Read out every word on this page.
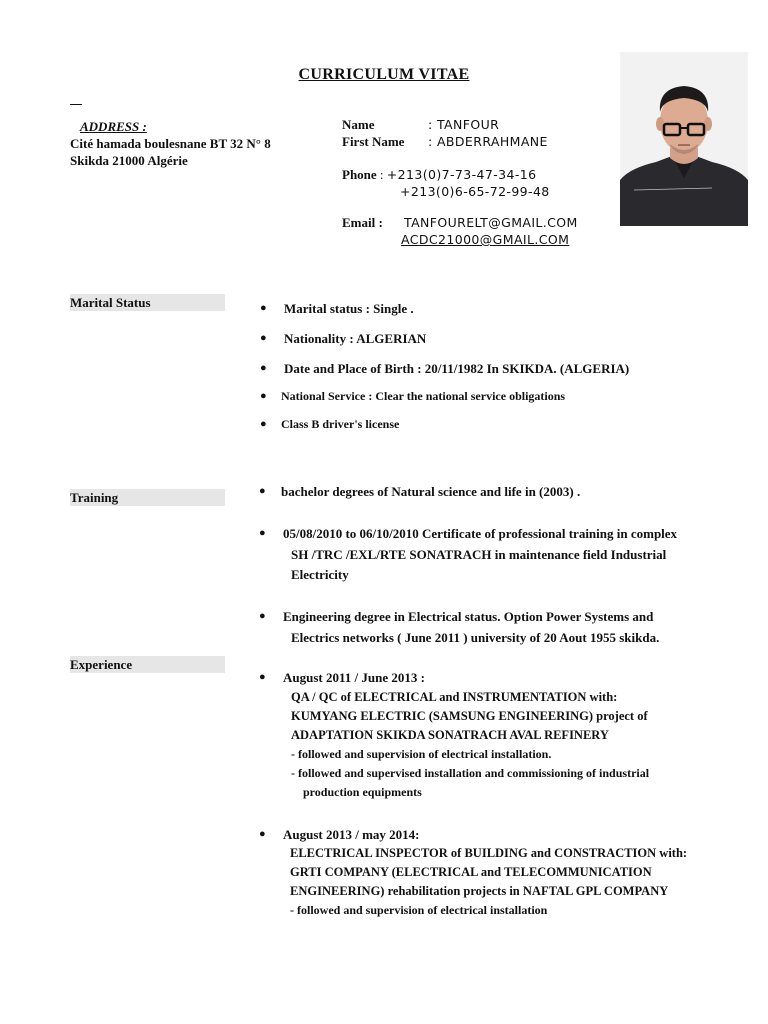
CURRICULUM VITAE
ADDRESS :
Cité hamada boulesnane BT 32 N° 8
Skikda 21000 Algérie
Name	: TANFOUR
First Name : ABDERRAHMANE
Phone : +213(0)7-73-47-34-16
+213(0)6-65-72-99-48
Email : TANFOURELT@GMAIL.COM
ACDC21000@GMAIL.COM
Marital Status	● Marital status : Single .
● Nationality : ALGERIAN
● Date and Place of Birth : 20/11/1982 In SKIKDA. (ALGERIA)
● National Service : Clear the national service obligations
● Class B driver's license
Training	● bachelor degrees of Natural science and life in (2003) .
● 05/08/2010 to 06/10/2010 Certificate of professional training in complex
SH /TRC /EXL/RTE SONATRACH in maintenance field Industrial
Electricity
● Engineering degree in Electrical status. Option Power Systems and
Electrics networks ( June 2011 ) university of 20 Aout 1955 skikda.
Experience
● August 2011 / June 2013 :
QA / QC of ELECTRICAL and INSTRUMENTATION with:
KUMYANG ELECTRIC (SAMSUNG ENGINEERING) project of
ADAPTATION SKIKDA SONATRACH AVAL REFINERY
- followed and supervision of electrical installation.
- followed and supervised installation and commissioning of industrial
production equipments
● August 2013 / may 2014:
ELECTRICAL INSPECTOR of BUILDING and CONSTRACTION with:
GRTI COMPANY (ELECTRICAL and TELECOMMUNICATION
ENGINEERING) rehabilitation projects in NAFTAL GPL COMPANY
- followed and supervision of electrical installation
